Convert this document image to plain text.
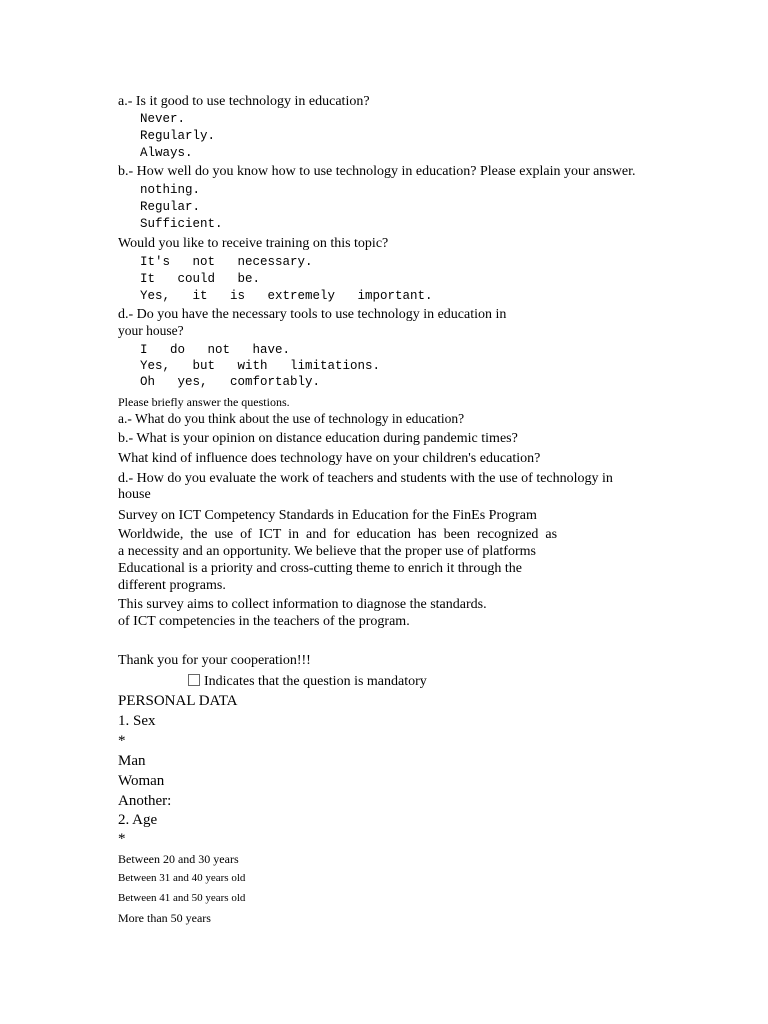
a.- Is it good to use technology in education?

Never.

Regularly.

Always.

b.- How well do you know how to use technology in education? Please explain your answer.

nothing.

Regular.

Sufficient.

Would you like to receive training on this topic?

It's   not   necessary.

It   could   be.

Yes,   it   is   extremely   important.

d.- Do you have the necessary tools to use technology in education in

your house?

I   do   not   have.

Yes,   but   with   limitations.

Oh   yes,   comfortably.

Please briefly answer the questions.

a.- What do you think about the use of technology in education?

b.- What is your opinion on distance education during pandemic times?

What kind of influence does technology have on your children's education?

d.- How do you evaluate the work of teachers and students with the use of technology in

house

Survey on ICT Competency Standards in Education for the FinEs Program

Worldwide,  the  use  of  ICT  in  and  for  education  has  been  recognized  as

a necessity and an opportunity. We believe that the proper use of platforms

Educational is a priority and cross-cutting theme to enrich it through the

different programs.

This survey aims to collect information to diagnose the standards.

of ICT competencies in the teachers of the program.

Thank you for your cooperation!!!

Indicates that the question is mandatory

PERSONAL DATA

1. Sex

*

Man

Woman

Another:

2. Age

*

Between 20 and 30 years

Between 31 and 40 years old

Between 41 and 50 years old

More than 50 years
